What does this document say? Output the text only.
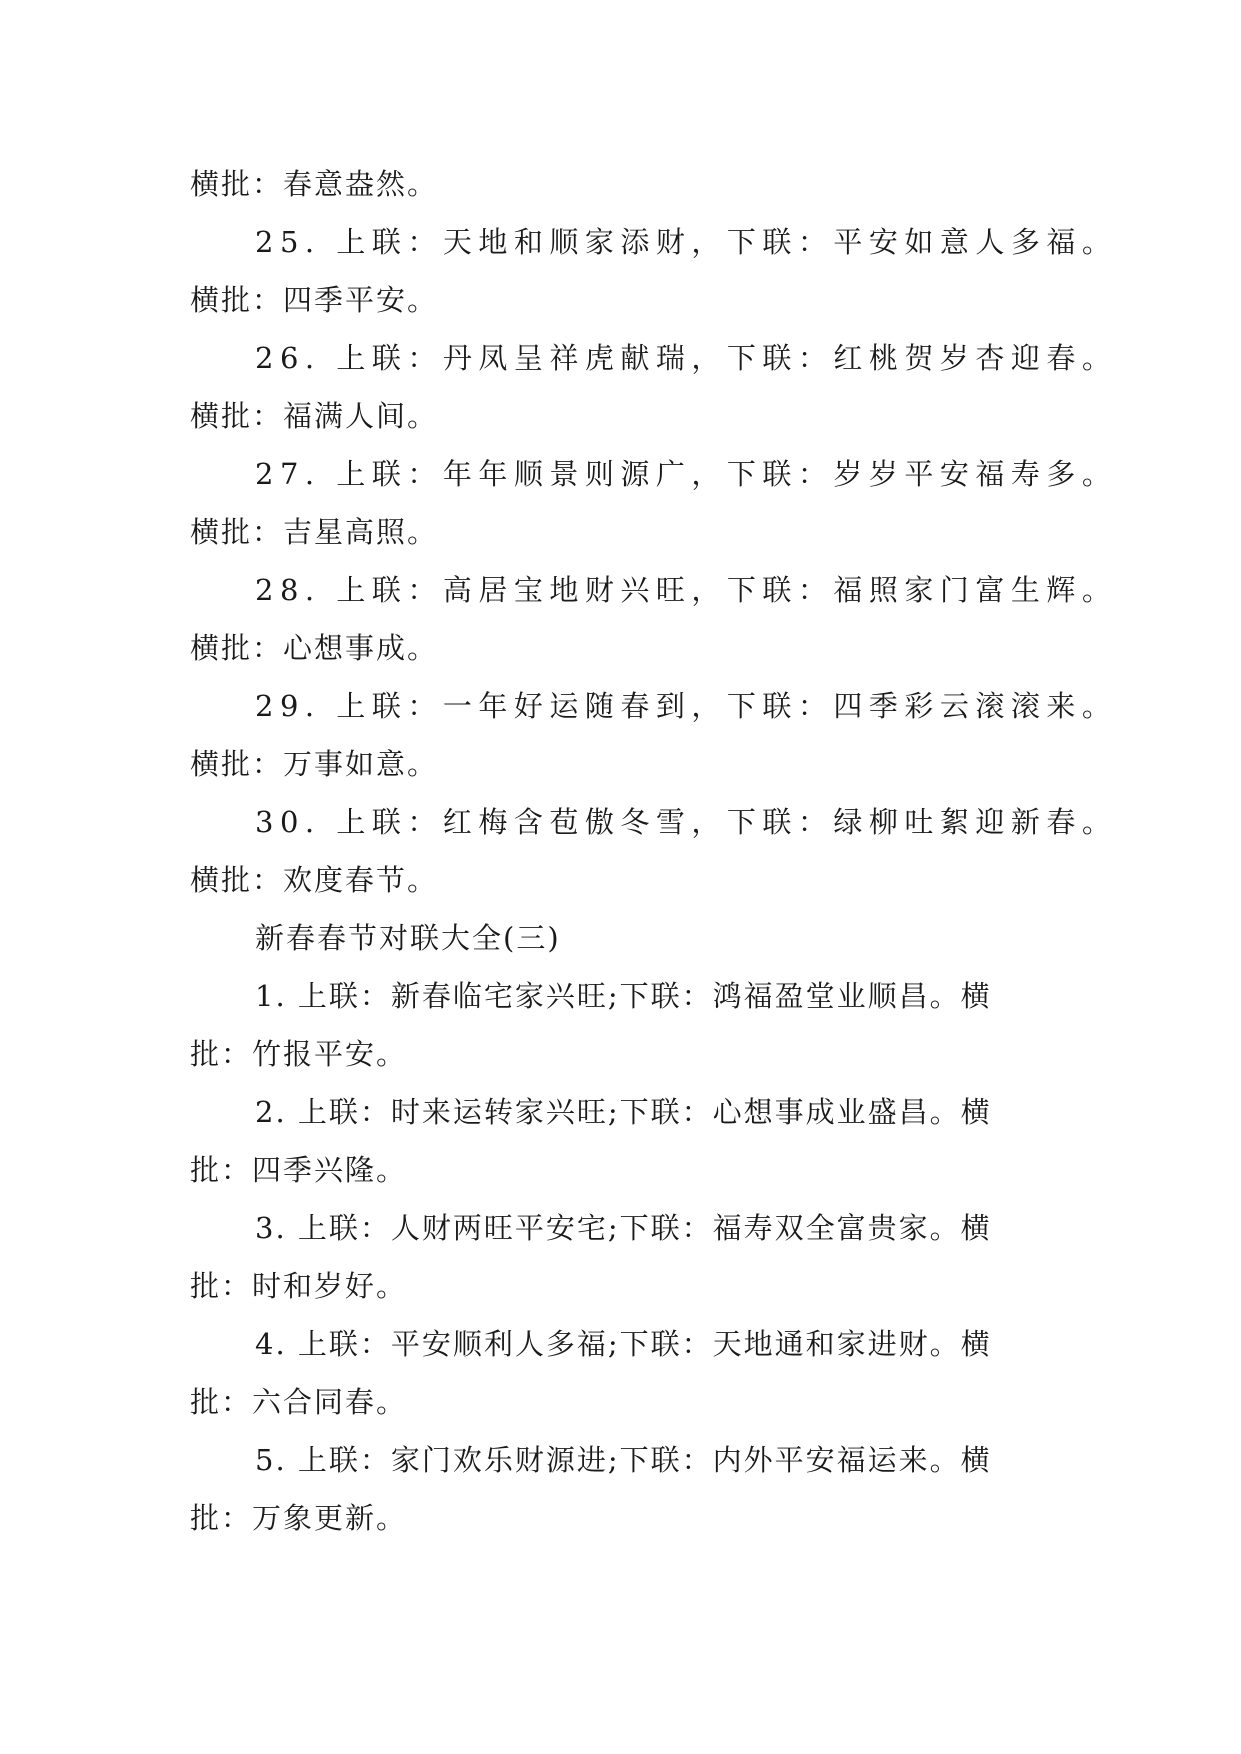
横批：春意盎然。
25. 上联：天地和顺家添财，下联：平安如意人多福。
横批：四季平安。
26. 上联：丹凤呈祥虎献瑞，下联：红桃贺岁杏迎春。
横批：福满人间。
27. 上联：年年顺景则源广，下联：岁岁平安福寿多。
横批：吉星高照。
28. 上联：高居宝地财兴旺，下联：福照家门富生辉。
横批：心想事成。
29. 上联：一年好运随春到，下联：四季彩云滚滚来。
横批：万事如意。
30. 上联：红梅含苞傲冬雪，下联：绿柳吐絮迎新春。
横批：欢度春节。
新春春节对联大全(三)
1. 上联：新春临宅家兴旺;下联：鸿福盈堂业顺昌。横
批：竹报平安。
2. 上联：时来运转家兴旺;下联：心想事成业盛昌。横
批：四季兴隆。
3. 上联：人财两旺平安宅;下联：福寿双全富贵家。横
批：时和岁好。
4. 上联：平安顺利人多福;下联：天地通和家进财。横
批：六合同春。
5. 上联：家门欢乐财源进;下联：内外平安福运来。横
批：万象更新。
